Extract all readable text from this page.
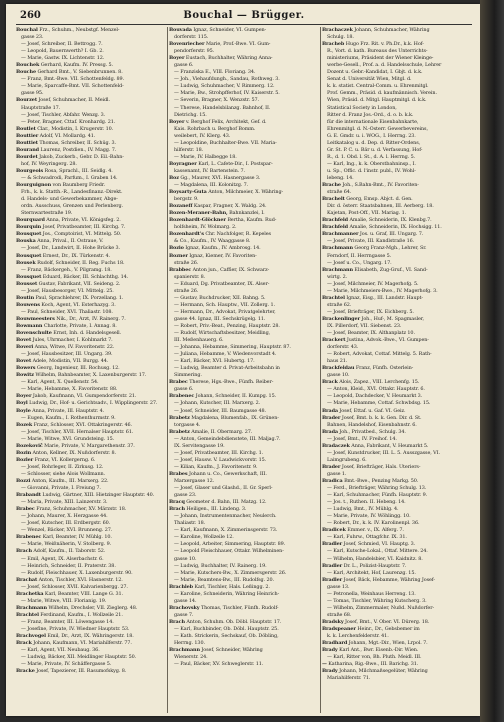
260	Bouchal — Brügger.
Bouchal Frz., Schuhm., Neubstgf. Menzel-
gasse 23.
— Josef, Schreiber, II. Bettrogg. 7.
— Leopold, Bauernwerth? I. Gb. 2.
— Marie, Gastw. IX. Lichtenstr. 12.
Bouchek Gerhard, Kaufm. IV. Pressg. 5.
Bouche Gerhard Bmt., V. Siebenbrunnen. 8.
— Franz, Bmt.-Bwe. VII. Schottenfeldg. 89.
— Marie, Sparcaffe-Bmt. VII. Schottenfeld-
gasse 95.
Bourzet Josef, Schuhmacher, II. Meidl.
Hauptstraße 17.
— Josef, Tischler, Abfahr. Wenzg. 3.
— Peter, Bragner, Cttaf. Kronhardg. 21.
Boutlet Clar., Modistin, I. Krugerstr. 10.
Bouttier Adolf, VI. Mollardg. 41.
Bouttiet Thomas, Schreiber, II. Schüg. 3.
Bourand Laurenz, Postdien., IV. Magg. 7.
Bourdet Jakob, Zuckerb., Gebr. D. Eil.-Bahn-
hof, IV. Weyringerg. 28.
Bourgeois Rosa, Sprachl., III. Seidlg. 4.
— & Schwadrodi, Parfum., I. Graben 14.
Bourguignon von Baumberg Friedr.
Frh., k. k. Statth.-R., Landesfinanz.-Direkt.
d. Handels- und Gewerbekammer, Abge-
ordn. Ausschuss, Grenzen und Perlenberg.
Sternwartestraße 19.
Bourquard Anna, Private, VI. Königsfeg. 2.
Bourquin Josef, Privatbeamter, III. Kirchg. 7.
Bousquet Jos., Comptoirist, VI. Mittelg. 50.
Bouska Anna, Prival., II. Ostraue, V.
— Josef, Dr., Landwirt, II. Hohe Brücke 3.
Bousquet Ernest, Dr., IX. Türkenstr. 4.
Bousek Rudolf, Schneider, II. Reg. Fuchs 18.
— Franz, Bäckergeh., V. Pilgramg. 18.
Bousquet Eduard, Bäcker, III. Schlachthg. 14.
Bousset Gustav, Fabrikant, VII. Seideng. 2.
— Josef, Hausbesorger, VI. Mittelg. 25.
Boutin Paul, Sprachlehrer, IX. Porzellang. 1.
Bouwens Koch, Agent, VI. Esterhazyg. 3.
— Paul, Schneider, XVI. Thaliastr. 108.
Bouwmeesters Nik., Dr., Arzt, IV. Rainerg. 7.
Bowmann Charlotte, Private, I. Annag. 8.
Bovenschulte Ernst, Inh. d. Handelsgesell.
Bovet Jules, Uhrmacher, I. Kohlmarkt 7.
Boveri Anna, Witwe, IV. Favoritenstr. 22.
— Josef, Hausbesitzer, III. Ungarg. 39.
Bovet Adele, Modistin, VII. Burgg. 44.
Bowers Georg, Ingenieur, III. Rochusg. 12.
Bowitz Wilhelm, Bahnbeamter, X. Laxenburgerstr. 17.
— Karl, Agent, X. Quellenstr. 54.
— Marie, Hebamme, X. Favoritenstr. 88.
Boyer Jakob, Kaufmann, VI. Gumpendorferstr. 21.
Boyl Ludwig, Dr., Hof- u. Gerichtsadv., I. Wipplingerstr. 27.
Boyle Anna, Private, III. Hauptstr. 4.
— Eugen, Kaufm., I. Rothenthurmstr. 9.
Bozek Franz, Schlosser, XVI. Ottakringerstr. 46.
— Josef, Tischler, XVII. Hernalser Hauptstr. 61.
— Marie, Witwe, XVI. Grundsteing. 15.
Bozekovič Marie, Private, V. Margarethenstr. 37.
Bozin Anton, Kellner, IX. Nußdorferstr. 8.
Bozler Franz, VI. Kollergerng. 6.
— Josef, Rohrleger, II. Zirkusg. 12.
— Schlosser, siehe Alois Wollmann.
Bozzi Anton, Kaufm., III. Marxerg. 22.
— Giovanni, Private, I. Freiung 7.
Brabandt Ludwig, Gärtner, XIII. Hietzinger Hauptstr. 40.
— Maria, Private, XIII. Lainzerstr. 3.
Brabec Franz, Schuhmacher, XV. Märzstr. 18.
— Johann, Maurer, X. Herzgasse 44.
— Josef, Kutscher, III. Erdbergstr. 60.
— Wenzel, Bäcker, XVI. Brunneng. 27.
Brabenec Karl, Beamter, IV. Mühlg. 10.
— Marie, Weißnäherin, V. Stolberg. 9.
Brach Adolf, Kaufm., II. Taborstr. 52.
— Emil, Agent, IX. Alserbachstr. 6.
— Heinrich, Schneider, II. Praterstr. 38.
— Rudolf, Fleischhauer, X. Laxenburgerstr. 90.
Brachat Anton, Tischler, XVI. Hasnerstr. 12.
— Josef, Schlosser, XVII. Kalvarienbergg. 27.
Brachetka Karl, Beamter, VIII. Lange G. 31.
— Marie, Witwe, VIII. Florianig. 19.
Brachmann Wilhelm, Drechsler, VII. Zieglerg. 48.
Brachtel Ferdinand, Kaufm., I. Wollzeile 21.
— Franz, Beamter, III. Löwengasse 14.
— Josefine, Private, IV. Wiedner Hauptstr. 53.
Brachvogel Emil, Dr., Arzt, IX. Währingerstr. 18.
Brack Johann, Kaufmann, VI. Mariahilferstr. 77.
— Karl, Agent, VII. Neubaug. 36.
— Ludwig, Bäcker, XII. Meidlinger Hauptstr. 50.
— Marie, Private, IV. Schäffergasse 5.
Bracke Josef, Tapezierer, III. Rasumofskyg. 8.
Bouvada Ignaz, Schneider, VI. Gumpen-
dorferstr. 115.
Bovenriecher Marie, Prof.-Bwe. VI. Gum-
pendorferstr. 95.
Boyer Eustach, Buchhalter, Währing Anna-
gasse 6.
— Franziska E., VIII. Floriang. 34.
— Joh., Viehaufdungh., Sandau, Rothweg. 3.
— Ludwig, Schuhmacher, V. Rimmerg. 12.
— Marie, Bw., Strohpfferhof, IV. Kaiserstr. 5.
— Severin, Bragner, X. Wenzstr. 57.
— Therese, Handelsbilanzg. Bahnhof, II.
Dietrichg. 15.
Boyer v. Berghof Felix, Architekt, Gef. d.
Kais. Rohrbach u. Berghof Bomm.
weilebert, IV. Klerg. 43.
— Leopoldine, Buchhalter-Bwe. VII. Maria-
hilferstr. 18.
— Marie, IV. Halbegge 18.
Boyragner Karl, L. Cafete-Dir., I. Postspar-
kassenamt, IV. Bartenstein. 7.
Boz Gg., Maurer, XVI. Hasnergasse 3.
— Magdalena, III. Kolonitzg. 7.
Boysarty-Guta Anton, Milchmeier, X. Währing-
bergstr. 9.
Bozaneff Kaspar, Fragner, X. Waldg. 24.
Bozen-Meraner-Bahn, Bahnkanzlei, I.
Bozenhardt-Glöckner Bertha, Kaufm. Rud-
holfsheim, IV. Wolmarg. 2.
Bozenhardt's Chr. Nachfolger, R. Kepeles
& Co., Kaufm., IV. Waaggasse 8.
Bozio Ignaz, Kaufm., IV. Ambrosg. 14.
Bozner Ignaz, Kiemer, IV. Favoriten-
straße 26.
Brabbec Anton jun., Caffier, IX. Schwarz-
spanierstr. 8.
— Eduard, Dg. Privatbeamter, IX. Alser-
straße 26.
— Gustav, Buchdrucker, XII. Bahng. 5.
— Hermann, Sch. Hauptw., VII. Zollerg. 1.
— Hermann, Dr., Advokat, Privatgelehrter,
gasse 44. Ignaz, III. Sechskrügelg. 11.
— Robert, Priv.-Beat., Penzing, Hauptstr. 28.
— Rudolf, Wirtschaftsbesitzer, Meidling,
III. Meßenhauerg. 6.
— Johanna, Hebamme, Simmering, Hauptstr. 87.
— Juliana, Hebamme, V. Wiedenvorstadt 4.
— Karl, Bäcker, XVI. Hubertg. 17.
— Ludwig, Beamter d. Privat-Arbeitsbahn in
Simmering.
Brabec Therese, Hgs.-Bwe., Fünfh. Reiber-
gasse 6.
Brabenec Johann, Schneider, II. Kumpg. 15.
— Johann, Kutscher, III. Marxerg. 2.
— Josef, Schneider, III. Baumgasse 48.
Brabetz Magdalena, Blumenfab., IX. Grünen-
torgasse 4.
Brabetz Amalie, II. Obermarg. 27.
— Anton, Gemeindebdienstete, III. Maljag.7.
IX. Servitengasse 19.
— Josef, Privatbeamter, III. Kirchg. 1.
— Josef, Hausw. V. Laudwickvorstr. 15.
— Kilian, Kaufm., J. Favoritenstr. 9.
Brabes Johann u. Co., Gewerkschaft, III.
Marxergasse 12.
— Josef, Glaser und Glashd., II. Gr. Sperl-
gasse 23.
Bracq Geometer d. Bahn, III. Matzg. 12.
Brach Heiligen., III. Lindeng. 3.
— Johann, Instrumentenmacher, Neulerch.
Thaliastr. 18.
— Karl, Kaufmann, X. Zimmerinsgerstr. 73.
— Karoline, Wollzeile 12.
— Leopold, Arbeiter, Simmering, Hauptstr. 89.
— Leopold Fleischhauer, Ottakr. Wilhelminen-
gasse 10.
— Ludwig, Buchhalter, IV. Rainerg. 19.
— Marie, Kutschers-Bw., X. Zimmersgerstr. 26.
— Marie, Beamtens-Bw., III. Rudolfsg. 20.
Brachleb Karl, Tischler, Hals. Leßingg. 2.
— Karoline, Schneiderin, Währing Heinrich-
gasse 14.
Brachovsky Thomas, Tischler, Fünfh. Rudolf-
gasse 7.
Brach Anton, Schuhm. Ob. Döbl. Hauptstr. 17.
— Karl, Buchbinder, Ob. Döbl. Hauptstr. 25.
— Kath. Strickerin, Sechskauf, Ob. Döbling,
Herrng. 130.
Brachmann Josef, Schneider, Währing
Wienerstr. 24.
— Paul, Bäcker, XV. Schweglerstr. 11.
Brachaczek Johann, Schuhmacher, Währing
Schulg. 18.
Bracheb Hugo Frz. Rit. v. Ph.Dr., k.k. Hof-
R., Vort. d. kath. Bureaus des Unterrichts-
ministeriums, Präsident der Wiener Kleinge-
werbe-Gesell., Prof. a. d. Handelsschule, Lehrer
Dozent u. Gebr.-Kandidat, I. Gbjt. d. k.k.
Senat d. Universität Wien, Mitgl. d.
k. k. statist. Central-Comm. u. Ehrenmitgl.
Prof. Gemm., Präsid. d. kaufmännisch. Verein.
Wien, Präsid. d. Mitgl. Hauptmitgl. d. k.k.
Statistical Society in London,
Ritter d. Franz Jos.-Ord., d. o. b. k.k.
für die internationale Eisenbahnkarte,
Ehrenmitgl. d. N.-Österr. Gewerbevereins,
G. E. Gmdr. u. i. WOG., I. Herrng. 23.
Leitkatalog u. d. Dep. d. Ritter-Ordens,
Gr. St. P. C. u. Bär u. d. Verfassung, Hof-
R., d. 1. Obd. l. St., d. A. l. Herrng. 5.
— Karl, Ing., k. k. Oberstbahninsp., I.
u. Sp., Offic. d. l'instr. publ., IV. Wohl-
lebeng. 14.
Brache Joh., S.Bahn-Bmt., IV. Favoriten-
straße 64.
Brachelt Georg, Emsp. Abjct. d. Gen.
Dir. d. österr. Staatsbahnen, III. Aerberg. 18.
Kajetan, Post-Off., VII. Mariag. 1.
Brachfeld Amalie, Schneiderin, IX. Klenbg.7.
Brachfeld Amalie, Schneiderin, IX. Hochsigg. 11.
Brachmanner Jos. u. Graf, III. Ungarg. 7.
— Josef, Private, III. Kandlstraße 16.
Brachmann Georg Franz-Mgh., Lehrer, Sr.
Ferndorf, II. Herrngasse 5.
— Josef u. Co., Ungarg. 17.
Brachmann Elisabeth, Zug-Gruf., VI. Sand-
wirtg. 2.
— Josef, Milchmeier, IV. Magerhofg. 5.
— Marie, Milchmeiers-Bwe., IV. Magerhofg. 3.
Brachtel Ignaz, Eisg., III. Landstr. Haupt-
straße 62.
— Josef, Briefträger, IX. Eichberg. 5.
Brackenlinger Joh., Huf-, M. Spagmasler,
IX. Pillerdorf, VII. Siebenst. 23.
— Josef, Beamter, IX. Althanplatz 10.
Brackert Justina, Advok.-Bwe., VI. Gumpen-
dorferstr. 43.
— Robert, Advokat, Cottaf. Mittelg. 5. Rath-
haus 21.
Brackfeldau Franz, Fünfh. Österlein-
gasse 10.
Brack Alois, Zapez., VIII. Lerchenfg. 15.
— Anton, Kleid., XVI. Ottakr. Hauptstr. 6.
— Leopold, Dachdecker, V. Heumarkt 3.
— Marie, Hebamme, Cottaf. Schwbdsg. 15.
Brada Josef, Ettaf. u. Gaf. VI. Geiz.
Brader Josef, Bmt. b. k. k. Gen. Dir. d. St.
Bahnen, Handelshof, Eisenbahnstr. 6.
Brada Joh., Privatbed., Schulg. 34.
— Josef, Bmt., IV. Freihof. 14.
Bradaczek Anna, Fabrikant, V. Heumarkt 5.
— Josef, Kunstdrucker, III. L. 5. Ausszgasse, VI.
Laimgrubeng. 6.
Brader Josef, Briefträger, Hals. Uteriers-
gasse 1.
Bradica Bmt.-Bwe., Penzing Markg. 50.
— Ferd., Briefträger, Währing Schulg. 13.
— Karl, Schuhmacher, Fünfh. Hauptstr. 9.
— Jos. t., Ruthen. II. Hebeng. 14.
— Ludwig, Bmt., IV. Mühlg. 4.
— Marie, Private, IV. Wöhlingg. 10.
— Robert, Dr., k. k. IV. Karolinenpl. 36.
Bradicek Emmer. v., IX. Alferg. 7.
— Karl, Fuhrw., Ottagfchr. IX. 31.
Bradler Josef, Schmied, VI. Hauptg. 3.
— Karl, Kutsche-Lokal., Ottaf. Mittere. 24.
— Wilhelm, Handelsbier, VI. Kaidnitz. 8.
Bradler Dr. L., Polizist-Hauptstr. 7.
— Karl, Architekt, Hof, Laurenzg. 15.
Bradler Josef, Bäck, Hebamme, Währing Josef-
gasse 13.
— Petronella, Weinhaus Herreng. 13.
— Tomas, Tischler, Währing Kutscherg. 3.
— Wilhelm, Zimmermaler, Nußd. Nußdorfer-
straße 68.
Bradsky Josef, Bmt., V. Ober. VI. Dürerg. 18.
Bradspeaner Heinr., Dr., Gebsbemer im
k. k. Lerchenfelderstr. 41.
Bradhard Johann, Mgt.-Dir., Wien, Lrpol. 7.
Brady Karl Ant., Bwr. Eisenb.-Dir. Wien.
— Karl, Ritter von, Bh. Pluth. Meidl. III.
— Katharina, Rig.-Bwe., III. Barichg. 31.
Brady Johann, Milchmaßsegelüter, Währing
Mariahilferstr. 71.
